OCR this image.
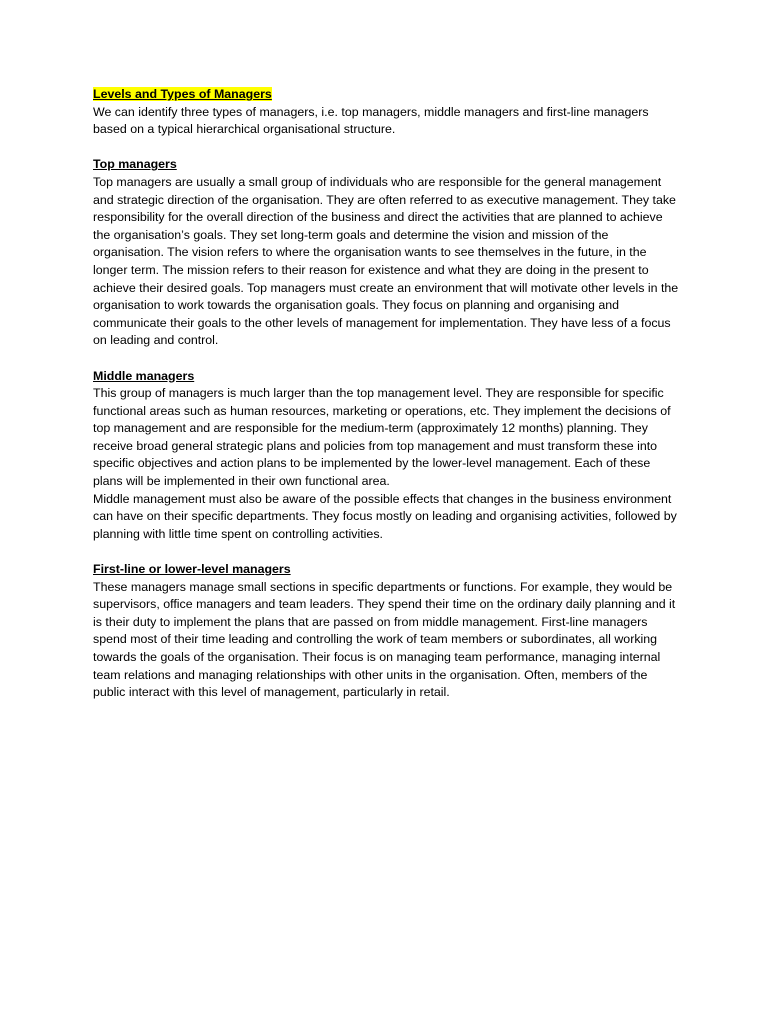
Levels and Types of Managers

We can identify three types of managers, i.e. top managers, middle managers and first-line managers based on a typical hierarchical organisational structure.

Top managers

Top managers are usually a small group of individuals who are responsible for the general management and strategic direction of the organisation. They are often referred to as executive management. They take responsibility for the overall direction of the business and direct the activities that are planned to achieve the organisation’s goals. They set long-term goals and determine the vision and mission of the organisation. The vision refers to where the organisation wants to see themselves in the future, in the longer term. The mission refers to their reason for existence and what they are doing in the present to achieve their desired goals. Top managers must create an environment that will motivate other levels in the organisation to work towards the organisation goals. They focus on planning and organising and communicate their goals to the other levels of management for implementation. They have less of a focus on leading and control.

Middle managers

This group of managers is much larger than the top management level. They are responsible for specific functional areas such as human resources, marketing or operations, etc. They implement the decisions of top management and are responsible for the medium-term (approximately 12 months) planning. They receive broad general strategic plans and policies from top management and must transform these into specific objectives and action plans to be implemented by the lower-level management. Each of these plans will be implemented in their own functional area.

Middle management must also be aware of the possible effects that changes in the business environment can have on their specific departments. They focus mostly on leading and organising activities, followed by planning with little time spent on controlling activities.

First-line or lower-level managers

These managers manage small sections in specific departments or functions. For example, they would be supervisors, office managers and team leaders. They spend their time on the ordinary daily planning and it is their duty to implement the plans that are passed on from middle management. First-line managers spend most of their time leading and controlling the work of team members or subordinates, all working towards the goals of the organisation. Their focus is on managing team performance, managing internal team relations and managing relationships with other units in the organisation. Often, members of the public interact with this level of management, particularly in retail.
